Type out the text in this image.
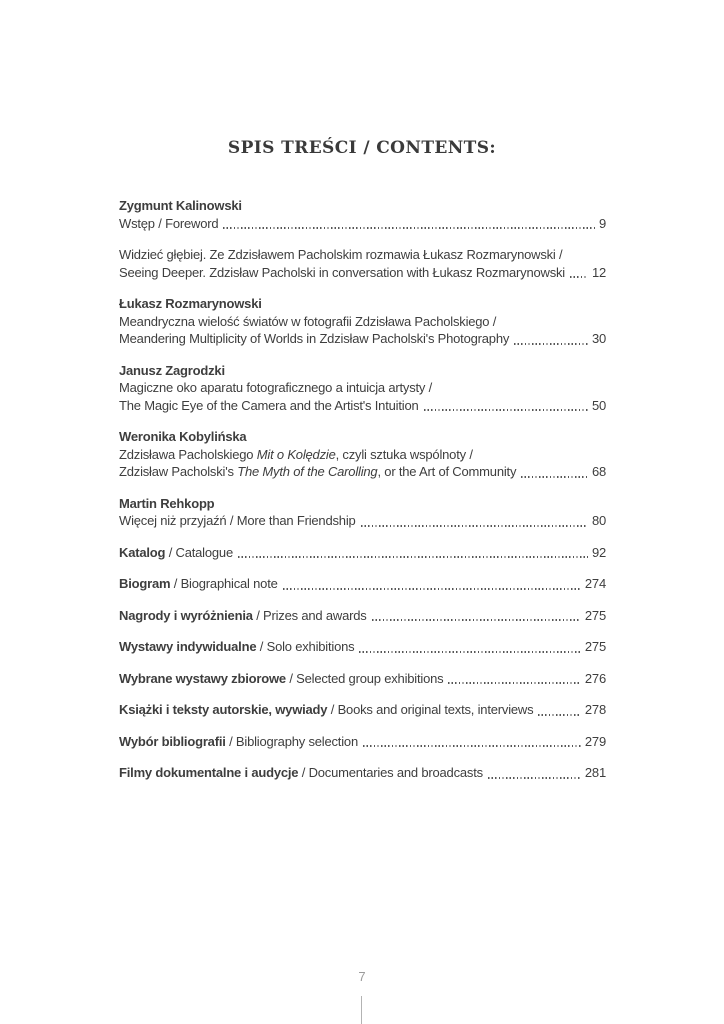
SPIS TREŚCI / CONTENTS:
Zygmunt Kalinowski
Wstęp / Foreword	9
Widzieć głębiej. Ze Zdzisławem Pacholskim rozmawia Łukasz Rozmarynowski /
Seeing Deeper. Zdzisław Pacholski in conversation with Łukasz Rozmarynowski 12
Łukasz Rozmarynowski
Meandryczna wielość światów w fotografii Zdzisława Pacholskiego /
Meandering Multiplicity of Worlds in Zdzisław Pacholski's Photography	30
Janusz Zagrodzki
Magiczne oko aparatu fotograficznego a intuicja artysty /
The Magic Eye of the Camera and the Artist's Intuition	50
Weronika Kobylińska
Zdzisława Pacholskiego Mit o Kolędzie, czyli sztuka wspólnoty /
Zdzisław Pacholski's The Myth of the Carolling, or the Art of Community	68
Martin Rehkopp
Więcej niż przyjaźń / More than Friendship	80
Katalog / Catalogue	92
Biogram / Biographical note	274
Nagrody i wyróżnienia / Prizes and awards	275
Wystawy indywidualne / Solo exhibitions	275
Wybrane wystawy zbiorowe / Selected group exhibitions	276
Książki i teksty autorskie, wywiady / Books and original texts, interviews	278
Wybór bibliografii / Bibliography selection	279
Filmy dokumentalne i audycje / Documentaries and broadcasts	281
7
